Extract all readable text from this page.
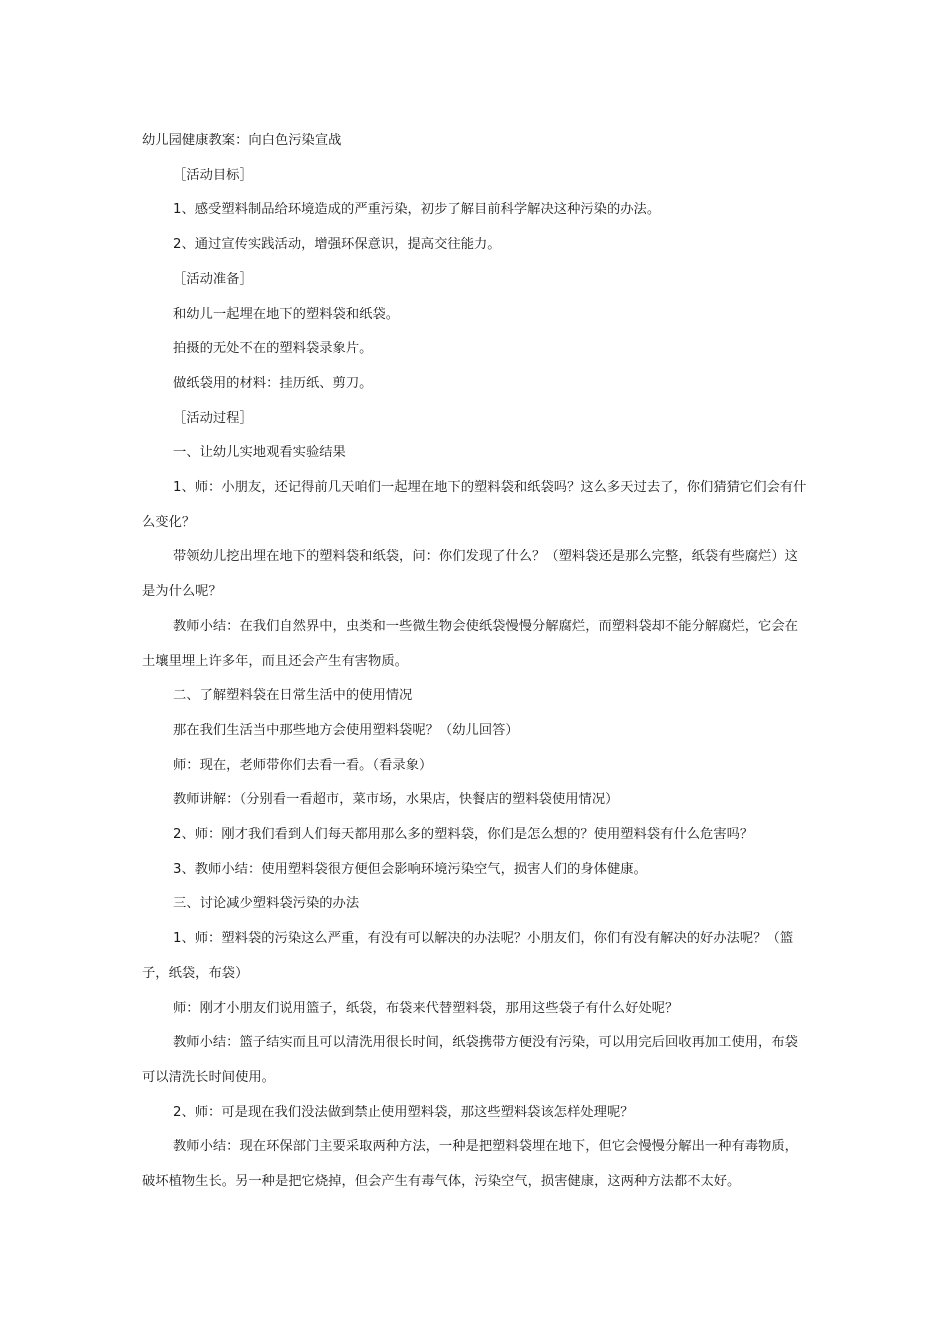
幼儿园健康教案：向白色污染宣战

［活动目标］

1、感受塑料制品给环境造成的严重污染，初步了解目前科学解决这种污染的办法。

2、通过宣传实践活动，增强环保意识，提高交往能力。

［活动准备］

和幼儿一起埋在地下的塑料袋和纸袋。

拍摄的无处不在的塑料袋录象片。

做纸袋用的材料：挂历纸、剪刀。

［活动过程］

一、让幼儿实地观看实验结果

1、师：小朋友，还记得前几天咱们一起埋在地下的塑料袋和纸袋吗？这么多天过去了，你们猜猜它们会有什么变化？

带领幼儿挖出埋在地下的塑料袋和纸袋，问：你们发现了什么？（塑料袋还是那么完整，纸袋有些腐烂）这是为什么呢？

教师小结：在我们自然界中，虫类和一些微生物会使纸袋慢慢分解腐烂，而塑料袋却不能分解腐烂，它会在土壤里埋上许多年，而且还会产生有害物质。

二、了解塑料袋在日常生活中的使用情况

那在我们生活当中那些地方会使用塑料袋呢？（幼儿回答）

师：现在，老师带你们去看一看。（看录象）

教师讲解：（分别看一看超市，菜市场，水果店，快餐店的塑料袋使用情况）

2、师：刚才我们看到人们每天都用那么多的塑料袋，你们是怎么想的？使用塑料袋有什么危害吗？

3、教师小结：使用塑料袋很方便但会影响环境污染空气，损害人们的身体健康。

三、讨论减少塑料袋污染的办法

1、师：塑料袋的污染这么严重，有没有可以解决的办法呢？小朋友们，你们有没有解决的好办法呢？（篮子，纸袋，布袋）

师：刚才小朋友们说用篮子，纸袋，布袋来代替塑料袋，那用这些袋子有什么好处呢？

教师小结：篮子结实而且可以清洗用很长时间，纸袋携带方便没有污染，可以用完后回收再加工使用，布袋可以清洗长时间使用。

2、师：可是现在我们没法做到禁止使用塑料袋，那这些塑料袋该怎样处理呢？

教师小结：现在环保部门主要采取两种方法，一种是把塑料袋埋在地下，但它会慢慢分解出一种有毒物质，破坏植物生长。另一种是把它烧掉，但会产生有毒气体，污染空气，损害健康，这两种方法都不太好。
